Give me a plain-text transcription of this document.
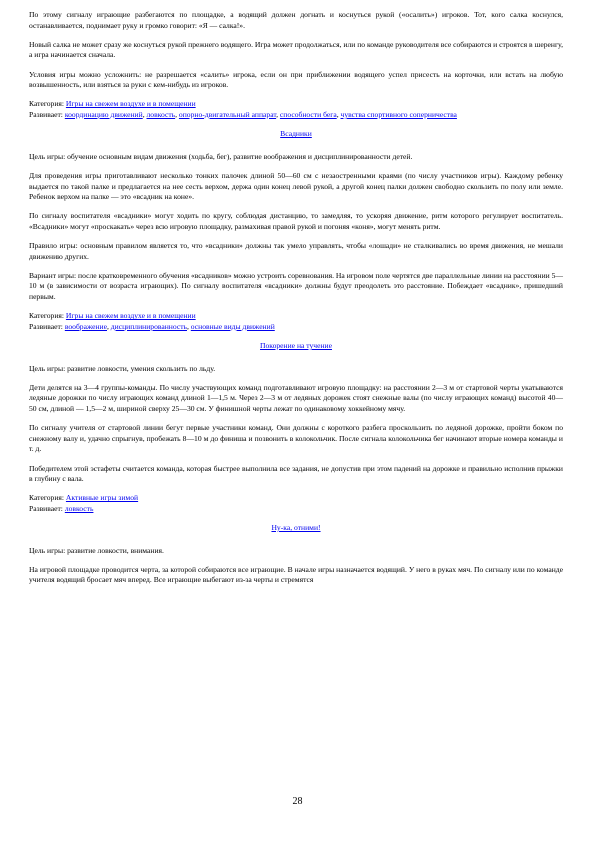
По этому сигналу играющие разбегаются по площадке, а водящий должен догнать и коснуться рукой («осалить») игроков. Тот, кого салка коснулся, останавливается, поднимает руку и громко говорит: «Я — салка!».

Новый салка не может сразу же коснуться рукой прежнего водящего. Игра может продолжаться, или по команде руководителя все собираются и строятся в шеренгу, а игра начинается сначала.

Условия игры можно усложнить: не разрешается «салить» игрока, если он при приближении водящего успел присесть на корточки, или встать на любую возвышенность, или взяться за руки с кем-нибудь из игроков.

Категория: Игры на свежем воздухе и в помещении
Развивает: координацию движений, ловкость, опорно-двигательный аппарат, способности бега, чувства спортивного соперничества
Всадники

Цель игры: обучение основным видам движения (ходьба, бег), развитие воображения и дисциплинированности детей.

Для проведения игры приготавливают несколько тонких палочек длиной 50—60 см с незаостренными краями (по числу участников игры). Каждому ребенку выдается по такой палке и предлагается на нее сесть верхом, держа один конец левой рукой, а другой конец палки должен свободно скользить по полу или земле. Ребенок верхом на палке — это «всадник на коне».

По сигналу воспитателя «всадники» могут ходить по кругу, соблюдая дистанцию, то замедляя, то ускоряя движение, ритм которого регулирует воспитатель. «Всадники» могут «проскакать» через всю игровую площадку, размахивая правой рукой и погоняя «коня», могут менять ритм.

Правило игры: основным правилом является то, что «всадники» должны так умело управлять, чтобы «лошади» не сталкивались во время движения, не мешали движению других.

Вариант игры: после кратковременного обучения «всадников» можно устроить соревнования. На игровом поле чертятся две параллельные линии на расстоянии 5—10 м (в зависимости от возраста играющих). По сигналу воспитателя «всадники» должны будут преодолеть это расстояние. Побеждает «всадник», пришедший первым.

Категория: Игры на свежем воздухе и в помещении
Развивает: воображение, дисциплинированность, основные виды движений
Покорение на тучение

Цель игры: развитие ловкости, умения скользить по льду.

Дети делятся на 3—4 группы-команды. По числу участвующих команд подготавливают игровую площадку: на расстоянии 2—3 м от стартовой черты укатываются ледяные дорожки по числу играющих команд длиной 1—1,5 м. Через 2—3 м от ледяных дорожек стоят снежные валы (по числу играющих команд) высотой 40— 50 см, длиной — 1,5—2 м, шириной сверху 25—30 см. У финишной черты лежат по одинаковому хоккейному мячу.

По сигналу учителя от стартовой линии бегут первые участники команд. Они должны с короткого разбега проскользить по ледяной дорожке, пройти боком по снежному валу и, удачно спрыгнув, пробежать 8—10 м до финиша и позвонить в колокольчик. После сигнала колокольчика бег начинают вторые номера команды и т. д.

Победителем этой эстафеты считается команда, которая быстрее выполнила все задания, не допустив при этом падений на дорожке и правильно исполнив прыжки в глубину с вала.

Категория: Активные игры зимой
Развивает: ловкость
Ну-ка, отними!

Цель игры: развитие ловкости, внимания.

На игровой площадке проводится черта, за которой собираются все играющие. В начале игры назначается водящий. У него в руках мяч. По сигналу или по команде учителя водящий бросает мяч вперед. Все играющие выбегают из-за черты и стремятся

28
